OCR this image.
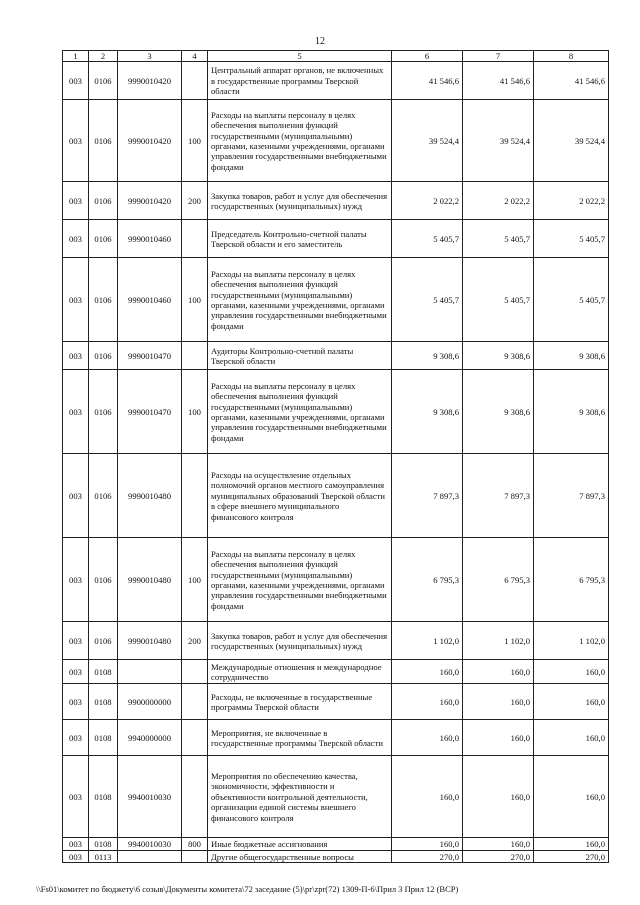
12
1	2	3	4	5	6	7	8
003	0106	9990010420		Центральный аппарат органов, не включенных в государственные программы Тверской области	41 546,6	41 546,6	41 546,6
003	0106	9990010420	100	Расходы на выплаты персоналу в целях обеспечения выполнения функций государственными (муниципальными) органами, казенными учреждениями, органами управления государственными внебюджетными фондами	39 524,4	39 524,4	39 524,4
003	0106	9990010420	200	Закупка товаров, работ и услуг для обеспечения государственных (муниципальных) нужд	2 022,2	2 022,2	2 022,2
003	0106	9990010460		Председатель Контрольно-счетной палаты Тверской области и его заместитель	5 405,7	5 405,7	5 405,7
003	0106	9990010460	100	Расходы на выплаты персоналу в целях обеспечения выполнения функций государственными (муниципальными) органами, казенными учреждениями, органами управления государственными внебюджетными фондами	5 405,7	5 405,7	5 405,7
003	0106	9990010470		Аудиторы Контрольно-счетной палаты Тверской области	9 308,6	9 308,6	9 308,6
003	0106	9990010470	100	Расходы на выплаты персоналу в целях обеспечения выполнения функций государственными (муниципальными) органами, казенными учреждениями, органами управления государственными внебюджетными фондами	9 308,6	9 308,6	9 308,6
003	0106	9990010480		Расходы на осуществление отдельных полномочий органов местного самоуправления муниципальных образований Тверской области в сфере внешнего муниципального финансового контроля	7 897,3	7 897,3	7 897,3
003	0106	9990010480	100	Расходы на выплаты персоналу в целях обеспечения выполнения функций государственными (муниципальными) органами, казенными учреждениями, органами управления государственными внебюджетными фондами	6 795,3	6 795,3	6 795,3
003	0106	9990010480	200	Закупка товаров, работ и услуг для обеспечения государственных (муниципальных) нужд	1 102,0	1 102,0	1 102,0
003	0108			Международные отношения и международное сотрудничество	160,0	160,0	160,0
003	0108	9900000000		Расходы, не включенные в государственные программы Тверской области	160,0	160,0	160,0
003	0108	9940000000		Мероприятия, не включенные в государственные программы Тверской области	160,0	160,0	160,0
003	0108	9940010030		Мероприятия по обеспечению качества, экономичности, эффективности и объективности контрольной деятельности, организации единой системы внешнего финансового контроля	160,0	160,0	160,0
003	0108	9940010030	800	Иные бюджетные ассигнования	160,0	160,0	160,0
003	0113			Другие общегосударственные вопросы	270,0	270,0	270,0
\\Fs01\комитет по бюджету\6 созыв\Документы комитета\72 заседание (5)\pr\zpr(72) 1309-П-6\Прил 3 Прил 12 (ВСР)
